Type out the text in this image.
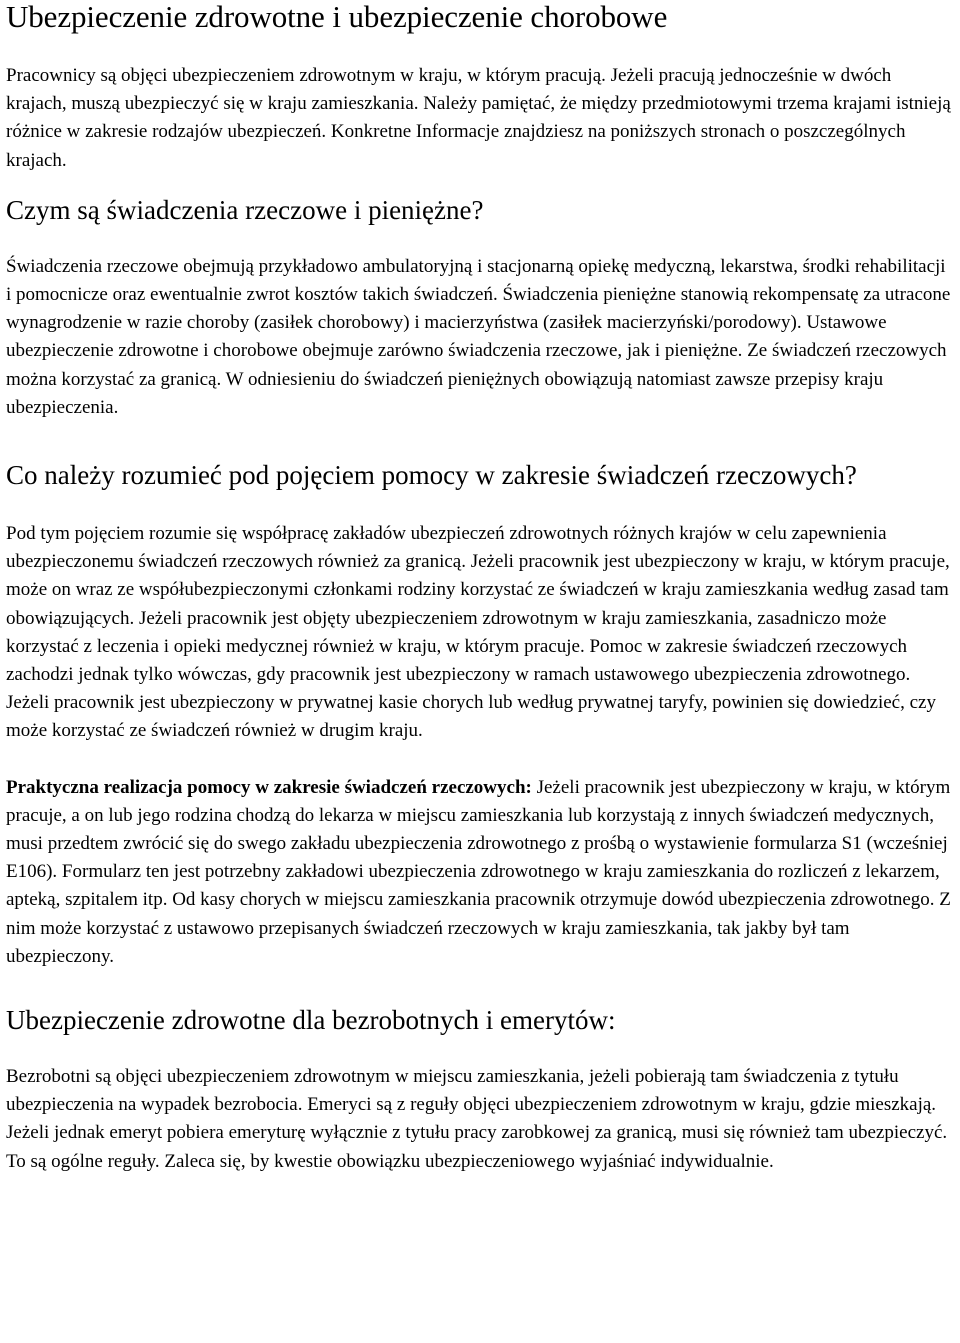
Ubezpieczenie zdrowotne i ubezpieczenie chorobowe

Pracownicy są objęci ubezpieczeniem zdrowotnym w kraju, w którym pracują. Jeżeli pracują jednocześnie w dwóch krajach, muszą ubezpieczyć się w kraju zamieszkania. Należy pamiętać, że między przedmiotowymi trzema krajami istnieją różnice w zakresie rodzajów ubezpieczeń. Konkretne Informacje znajdziesz na poniższych stronach o poszczególnych krajach.

Czym są świadczenia rzeczowe i pieniężne?

Świadczenia rzeczowe obejmują przykładowo ambulatoryjną i stacjonarną opiekę medyczną, lekarstwa, środki rehabilitacji i pomocnicze oraz ewentualnie zwrot kosztów takich świadczeń. Świadczenia pieniężne stanowią rekompensatę za utracone wynagrodzenie w razie choroby (zasiłek chorobowy) i macierzyństwa (zasiłek macierzyński/porodowy). Ustawowe ubezpieczenie zdrowotne i chorobowe obejmuje zarówno świadczenia rzeczowe, jak i pieniężne. Ze świadczeń rzeczowych można korzystać za granicą. W odniesieniu do świadczeń pieniężnych obowiązują natomiast zawsze przepisy kraju ubezpieczenia.

Co należy rozumieć pod pojęciem pomocy w zakresie świadczeń rzeczowych?

Pod tym pojęciem rozumie się współpracę zakładów ubezpieczeń zdrowotnych różnych krajów w celu zapewnienia ubezpieczonemu świadczeń rzeczowych również za granicą. Jeżeli pracownik jest ubezpieczony w kraju, w którym pracuje, może on wraz ze współubezpieczonymi członkami rodziny korzystać ze świadczeń w kraju zamieszkania według zasad tam obowiązujących. Jeżeli pracownik jest objęty ubezpieczeniem zdrowotnym w kraju zamieszkania, zasadniczo może korzystać z leczenia i opieki medycznej również w kraju, w którym pracuje. Pomoc w zakresie świadczeń rzeczowych zachodzi jednak tylko wówczas, gdy pracownik jest ubezpieczony w ramach ustawowego ubezpieczenia zdrowotnego. Jeżeli pracownik jest ubezpieczony w prywatnej kasie chorych lub według prywatnej taryfy, powinien się dowiedzieć, czy może korzystać ze świadczeń również w drugim kraju.

Praktyczna realizacja pomocy w zakresie świadczeń rzeczowych: Jeżeli pracownik jest ubezpieczony w kraju, w którym pracuje, a on lub jego rodzina chodzą do lekarza w miejscu zamieszkania lub korzystają z innych świadczeń medycznych, musi przedtem zwrócić się do swego zakładu ubezpieczenia zdrowotnego z prośbą o wystawienie formularza S1 (wcześniej E106). Formularz ten jest potrzebny zakładowi ubezpieczenia zdrowotnego w kraju zamieszkania do rozliczeń z lekarzem, apteką, szpitalem itp. Od kasy chorych w miejscu zamieszkania pracownik otrzymuje dowód ubezpieczenia zdrowotnego. Z nim może korzystać z ustawowo przepisanych świadczeń rzeczowych w kraju zamieszkania, tak jakby był tam ubezpieczony.

Ubezpieczenie zdrowotne dla bezrobotnych i emerytów:

Bezrobotni są objęci ubezpieczeniem zdrowotnym w miejscu zamieszkania, jeżeli pobierają tam świadczenia z tytułu ubezpieczenia na wypadek bezrobocia. Emeryci są z reguły objęci ubezpieczeniem zdrowotnym w kraju, gdzie mieszkają. Jeżeli jednak emeryt pobiera emeryturę wyłącznie z tytułu pracy zarobkowej za granicą, musi się również tam ubezpieczyć. To są ogólne reguły. Zaleca się, by kwestie obowiązku ubezpieczeniowego wyjaśniać indywidualnie.
